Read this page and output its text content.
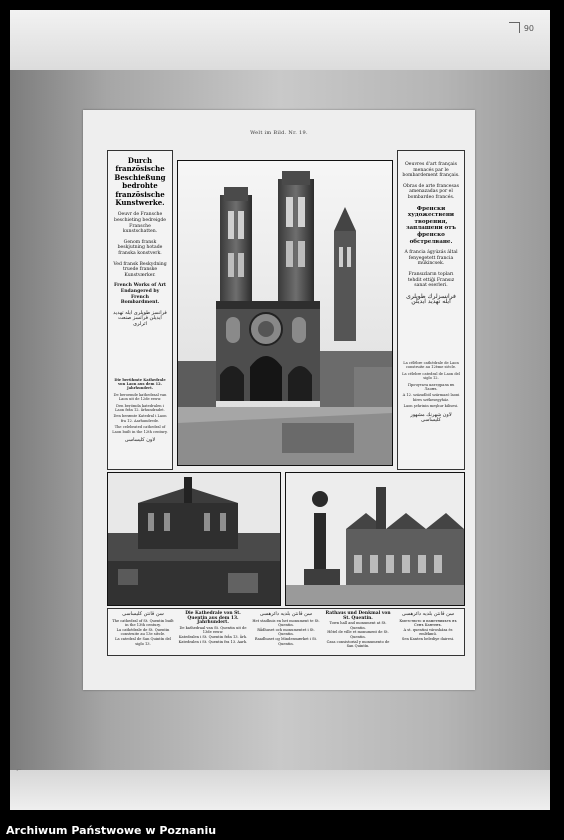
90
⌐
Welt im Bild. Nr. 19.
Durch französische Beschießung bedrohte französische Kunstwerke.
Oeuvr de Fransche beschieting bedreigde Fransche kunstschatten.
Genom fransk beskjutning hotade franska konstverk.
Ved fransk Beskydning truede franske Kunstværker.
French Works of Art Endangered by French Bombardment.
فرانسز طوپلرى ايله تهديد ايديلن فرانسز صنعت اثرلرى
Die berühmte Kathedrale von Laon aus dem 12. Jahrhundert.
De beroemde kathedraal van Laon uit de 12de eeuw.
Den berömda katedralen i Laon från 12. århundradet.
Den berømte Katedral i Laon fra 12. Aarhundrede.
The celebrated cathedral of Laon built in the 12th century.
لاون كليساسى
Oeuvres d'art français menacés par le bombardement français.
Obras de arte francesas amenazadas por el bombardeo francés.
Френски художествени творения, заплашени отъ френско обстрелване.
A francia ágyúzás által fenyegetett francia műkincsek.
Fransızların topları tehdit ettiği Fransız sanat eserleri.
فرانسزلرك طوپلرى ايله تهديد ايديلن
La célèbre cathédrale de Laon construite au 12ème siècle.
La célebre catedral de Laon del siglo 12.
Прочутата катедрала въ Лаонъ.
A 12. századból származó laoni híres székesegyház.
Laon şehrinin meşhur kilisesi.
لاون شهرنك مشهور كليساسى
سن قانتن كليساسى
The cathedral of St. Quentin built in the 13th century.
La cathédrale de St. Quentin construite au 13e siècle.
La catedral de San Quintín del siglo 13.
Die Kathedrale von St. Quentin aus dem 13. Jahrhundert.
De kathedraal van St. Quentin uit de 13de eeuw.
Katedralen i St. Quentin från 13. årh.
Katedralen i St. Quentin fra 13. Aarh.
سن قانتن بلديه دائرهسى
Het stadhuis en het monument te St. Quentin.
Rådhuset och monumentet i St. Quentin.
Raadhuset og Mindesmærket i St. Quentin.
Rathaus und Denkmal von St. Quentin.
Town hall and monument at St. Quentin.
Hôtel de ville et monument de St. Quentin.
Casa consistorial y monumento de San Quintín.
سن قانتن بلديه دائرهسى
Кметството и паметникътъ въ Сенъ Кантенъ.
A st. quentini városháza és emlékmű.
Sen Kanten belediye dairesi.
Archiwum Państwowe w Poznaniu
